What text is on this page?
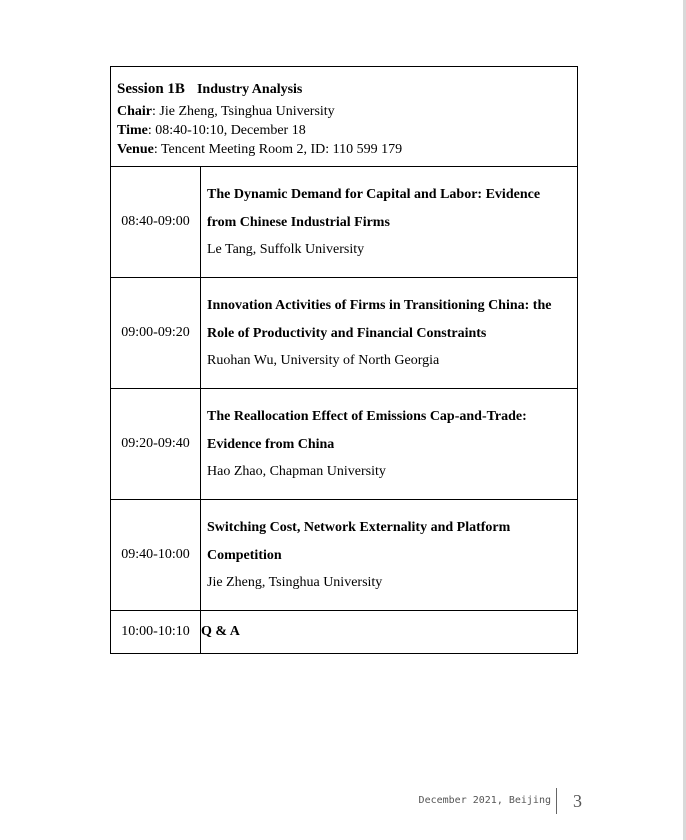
Session 1B Industry Analysis
Chair: Jie Zheng, Tsinghua University
Time: 08:40-10:10, December 18
Venue: Tencent Meeting Room 2, ID: 110 599 179	

08:40-09:00	The Dynamic Demand for Capital and Labor: Evidence from Chinese Industrial Firms
Le Tang, Suffolk University

09:00-09:20	Innovation Activities of Firms in Transitioning China: the Role of Productivity and Financial Constraints
Ruohan Wu, University of North Georgia

09:20-09:40	The Reallocation Effect of Emissions Cap-and-Trade: Evidence from China
Hao Zhao, Chapman University

09:40-10:00	Switching Cost, Network Externality and Platform Competition
Jie Zheng, Tsinghua University

10:00-10:10	Q & A
December 2021, Beijing	3
